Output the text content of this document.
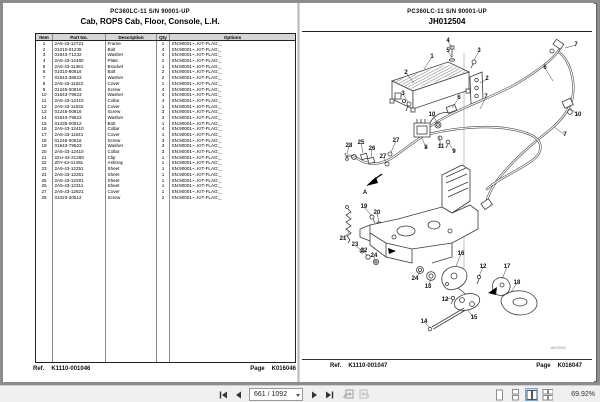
PC360LC-11 S/N 90001-UP
Cab, ROPS Cab, Floor, Console, L.H.
Item	Part No.	Description	Qty	Options
1	2A5-43-12721	Frame	1	SN:90001~..KIT-FLAG:_
2	01010-01235	Bolt	4	SN:90001~..KIT-FLAG:_
3	01643-71232	Washer	4	SN:90001~..KIT-FLAG:_
4	2A5-43-12460	Plate	2	SN:90001~..KIT-FLAG:_
5	2A5-43-11381	Bracket	1	SN:90001~..KIT-FLAG:_
6	01010-80616	Bolt	2	SN:90001~..KIT-FLAG:_
7	01643-38623	Washer	2	SN:90001~..KIT-FLAG:_
8	2A5-43-11622	Cover	1	SN:90001~..KIT-FLAG:_
9	01245-00816	Screw	4	SN:90001~..KIT-FLAG:_
10	01643-79623	Washer	4	SN:90001~..KIT-FLAG:_
11	2A5-43-12410	Collar	4	SN:90001~..KIT-FLAG:_
12	2A5-43-11632	Cover	1	SN:90001~..KIT-FLAG:_
13	01245-00816	Screw	3	SN:90001~..KIT-FLAG:_
14	01643-79623	Washer	3	SN:90001~..KIT-FLAG:_
15	01435-00812	Bolt	1	SN:90001~..KIT-FLAG:_
16	2A5-43-12410	Collar	4	SN:90001~..KIT-FLAG:_
17	2A5-43-11641	Cover	1	SN:90001~..KIT-FLAG:_
18	01245-00816	Screw	3	SN:90001~..KIT-FLAG:_
19	01643-79623	Washer	3	SN:90001~..KIT-FLAG:_
20	2A5-43-12410	Collar	3	SN:90001~..KIT-FLAG:_
21	22U-43-21260	Clip	1	SN:90001~..KIT-FLAG:_
22	20Y-43-41491	Ashtray	1	SN:90001~..KIT-FLAG:_
23	2A5-43-12251	Sheet	1	SN:90001~..KIT-FLAG:_
24	2A5-43-12261	Sheet	1	SN:90001~..KIT-FLAG:_
25	2A5-43-12291	Sheet	1	SN:90001~..KIT-FLAG:_
26	2A5-43-12311	Sheet	1	SN:90001~..KIT-FLAG:_
27	2A5-43-12821	Cover	1	SN:90001~..KIT-FLAG:_
28	01023-20512	Screw	2	SN:90001~..KIT-FLAG:_
Ref. K1110-001046	Page K016046
PC360LC-11 S/N 90001-UP
JH012504
4
5	3
1
2
2
3
6
7
10
7
6
10
7
8 11
9
28 25
26
27
27
A
19
20
21
23
22
24
24
13
16
12	17
18
12
15
14
JH012504
Ref. K1110-001047	Page K016047
661 / 1092
69.92%
